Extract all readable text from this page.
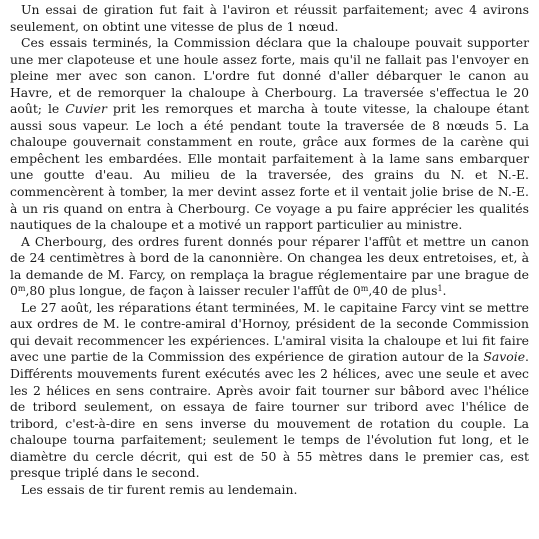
Un essai de giration fut fait à l'aviron et réussit parfaitement; avec 4 avirons seulement, on obtint une vitesse de plus de 1 nœud.

Ces essais terminés, la Commission déclara que la chaloupe pouvait supporter une mer clapoteuse et une houle assez forte, mais qu'il ne fallait pas l'envoyer en pleine mer avec son canon. L'ordre fut donné d'aller débarquer le canon au Havre, et de remorquer la chaloupe à Cherbourg. La traversée s'effectua le 20 août; le Cuvier prit les remorques et marcha à toute vitesse, la chaloupe étant aussi sous vapeur. Le loch a été pendant toute la traversée de 8 nœuds 5. La chaloupe gouvernait constamment en route, grâce aux formes de la carène qui empêchent les embardées. Elle montait parfaitement à la lame sans embarquer une goutte d'eau. Au milieu de la traversée, des grains du N. et N.-E. commencèrent à tomber, la mer devint assez forte et il ventait jolie brise de N.-E. à un ris quand on entra à Cherbourg. Ce voyage a pu faire apprécier les qualités nautiques de la chaloupe et a motivé un rapport particulier au ministre.

A Cherbourg, des ordres furent donnés pour réparer l'affût et mettre un canon de 24 centimètres à bord de la canonnière. On changea les deux entretoises, et, à la demande de M. Farcy, on remplaça la brague réglementaire par une brague de 0$^m$,80 plus longue, de façon à laisser reculer l'affût de 0$^m$,40 de plus$^1$.

Le 27 août, les réparations étant terminées, M. le capitaine Farcy vint se mettre aux ordres de M. le contre-amiral d'Hornoy, président de la seconde Commission qui devait recommencer les expériences. L'amiral visita la chaloupe et lui fit faire avec une partie de la Commission des expérience de giration autour de la Savoie. Différents mouvements furent exécutés avec les 2 hélices, avec une seule et avec les 2 hélices en sens contraire. Après avoir fait tourner sur bâbord avec l'hélice de tribord seulement, on essaya de faire tourner sur tribord avec l'hélice de tribord, c'est-à-dire en sens inverse du mouvement de rotation du couple. La chaloupe tourna parfaitement; seulement le temps de l'évolution fut long, et le diamètre du cercle décrit, qui est de 50 à 55 mètres dans le premier cas, est presque triplé dans le second.

Les essais de tir furent remis au lendemain.
